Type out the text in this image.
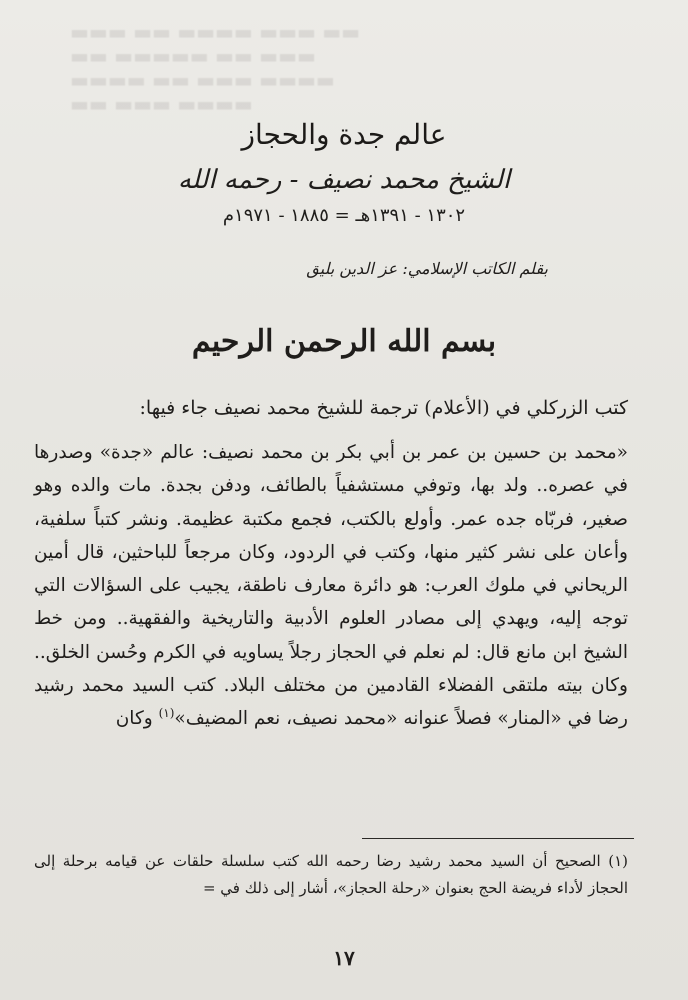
▬▬▬ ▬▬ ▬▬▬▬ ▬▬▬ ▬▬
▬▬ ▬▬▬▬▬ ▬▬ ▬▬▬
▬▬▬▬ ▬▬ ▬▬▬ ▬▬▬▬
▬▬ ▬▬▬ ▬▬▬▬
عالم جدة والحجاز
الشيخ محمد نصيف - رحمه الله
١٣٠٢ - ١٣٩١هـ = ١٨٨٥ - ١٩٧١م
بقلم الكاتب الإسلامي: عز الدين بليق
بسم الله الرحمن الرحيم
كتب الزركلي في (الأعلام) ترجمة للشيخ محمد نصيف جاء فيها:
«محمد بن حسين بن عمر بن أبي بكر بن محمد نصيف: عالم «جدة» وصدرها في عصره.. ولد بها، وتوفي مستشفياً بالطائف، ودفن بجدة. مات والده وهو صغير، فربّاه جده عمر. وأولع بالكتب، فجمع مكتبة عظيمة. ونشر كتباً سلفية، وأعان على نشر كثير منها، وكتب في الردود، وكان مرجعاً للباحثين، قال أمين الريحاني في ملوك العرب: هو دائرة معارف ناطقة، يجيب على السؤالات التي توجه إليه، ويهدي إلى مصادر العلوم الأدبية والتاريخية والفقهية.. ومن خط الشيخ ابن مانع قال: لم نعلم في الحجاز رجلاً يساويه في الكرم وحُسن الخلق.. وكان بيته ملتقى الفضلاء القادمين من مختلف البلاد. كتب السيد محمد رشيد رضا في «المنار» فصلاً عنوانه «محمد نصيف، نعم المضيف»$^{(١)}$ وكان
(١) الصحيح أن السيد محمد رشيد رضا رحمه الله كتب سلسلة حلقات عن قيامه برحلة إلى الحجاز لأداء فريضة الحج بعنوان «رحلة الحجاز»، أشار إلى ذلك في =
١٧
